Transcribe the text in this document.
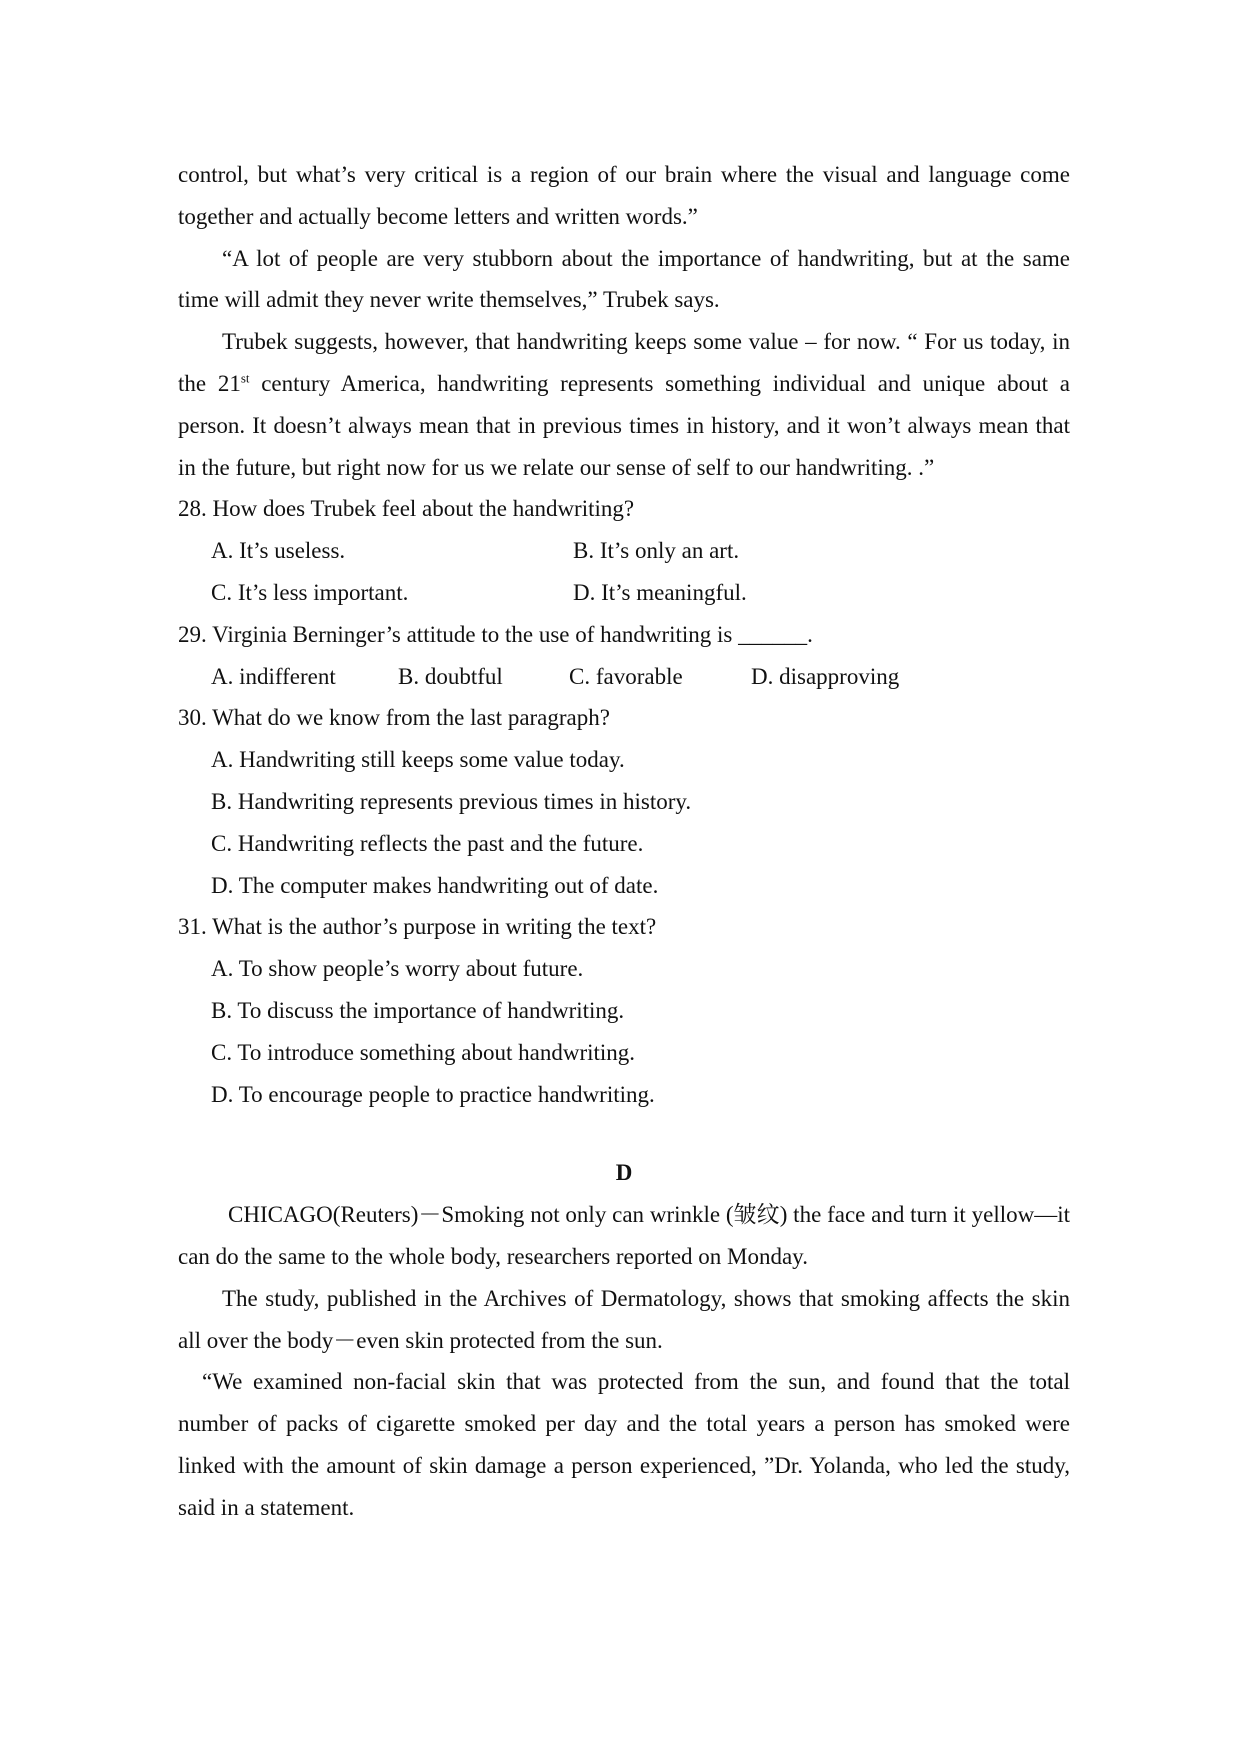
control, but what’s very critical is a region of our brain where the visual and language come together and actually become letters and written words.”

“A lot of people are very stubborn about the importance of handwriting, but at the same time will admit they never write themselves,” Trubek says.

Trubek suggests, however, that handwriting keeps some value – for now. “ For us today, in the 21st century America, handwriting represents something individual and unique about a person. It doesn’t always mean that in previous times in history, and it won’t always mean that in the future, but right now for us we relate our sense of self to our handwriting. .”

28. How does Trubek feel about the handwriting?

A. It’s useless.	B. It’s only an art.
C. It’s less important.	D. It’s meaningful.

29. Virginia Berninger’s attitude to the use of handwriting is ______.

A. indifferent	B. doubtful	C. favorable	D. disapproving

30. What do we know from the last paragraph?

A. Handwriting still keeps some value today.

B. Handwriting represents previous times in history.

C. Handwriting reflects the past and the future.

D. The computer makes handwriting out of date.

31. What is the author’s purpose in writing the text?

A. To show people’s worry about future.

B. To discuss the importance of handwriting.

C. To introduce something about handwriting.

D. To encourage people to practice handwriting.

D

CHICAGO(Reuters)－Smoking not only can wrinkle (皱纹) the face and turn it yellow—it can do the same to the whole body, researchers reported on Monday.

The study, published in the Archives of Dermatology, shows that smoking affects the skin all over the body－even skin protected from the sun.

“We examined non-facial skin that was protected from the sun, and found that the total number of packs of cigarette smoked per day and the total years a person has smoked were linked with the amount of skin damage a person experienced, ”Dr. Yolanda, who led the study, said in a statement.
